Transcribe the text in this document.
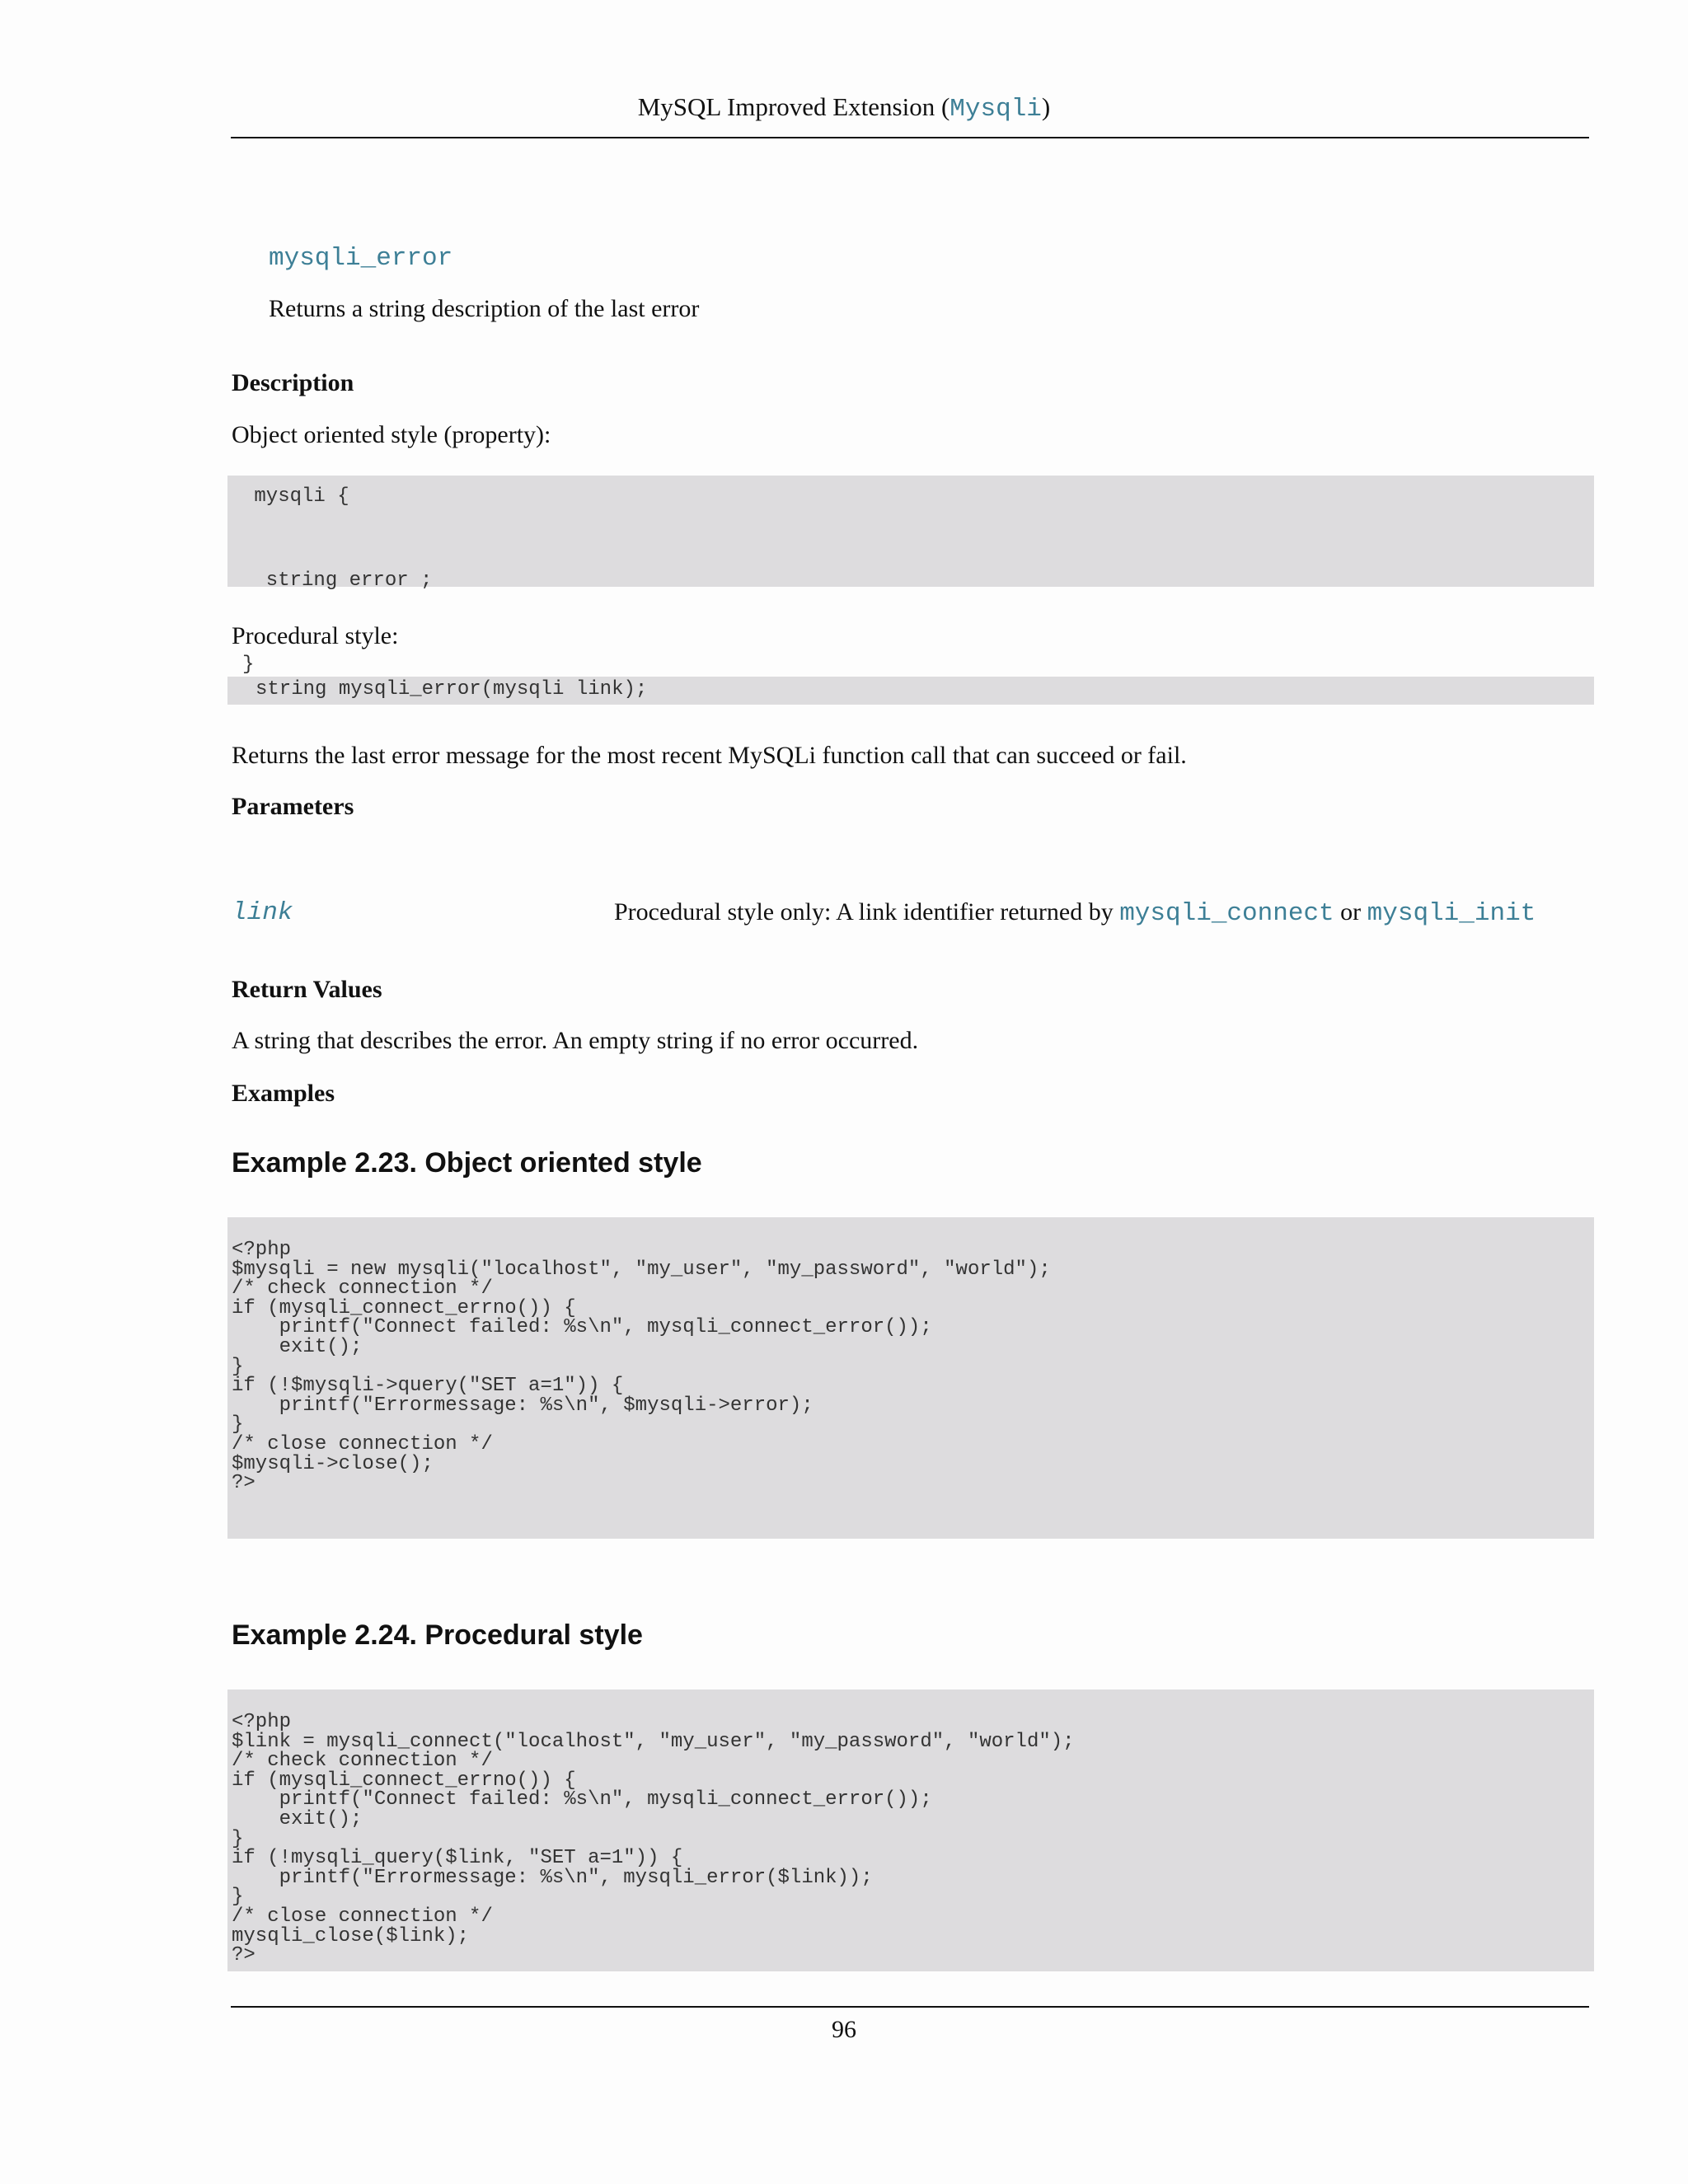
MySQL Improved Extension (Mysqli)
mysqli_error
Returns a string description of the last error
Description
Object oriented style (property):
mysqli {

string error ;

}
Procedural style:
string mysqli_error(mysqli link);
Returns the last error message for the most recent MySQLi function call that can succeed or fail.
Parameters
link	Procedural style only: A link identifier returned by mysqli_connect or mysqli_init
Return Values
A string that describes the error. An empty string if no error occurred.
Examples
Example 2.23. Object oriented style
<?php
$mysqli = new mysqli("localhost", "my_user", "my_password", "world");
/* check connection */
if (mysqli_connect_errno()) {
printf("Connect failed: %s\n", mysqli_connect_error());
exit();
}
if (!$mysqli->query("SET a=1")) {
printf("Errormessage: %s\n", $mysqli->error);
}
/* close connection */
$mysqli->close();
?>
Example 2.24. Procedural style
<?php
$link = mysqli_connect("localhost", "my_user", "my_password", "world");
/* check connection */
if (mysqli_connect_errno()) {
printf("Connect failed: %s\n", mysqli_connect_error());
exit();
}
if (!mysqli_query($link, "SET a=1")) {
printf("Errormessage: %s\n", mysqli_error($link));
}
/* close connection */
mysqli_close($link);
?>
96
